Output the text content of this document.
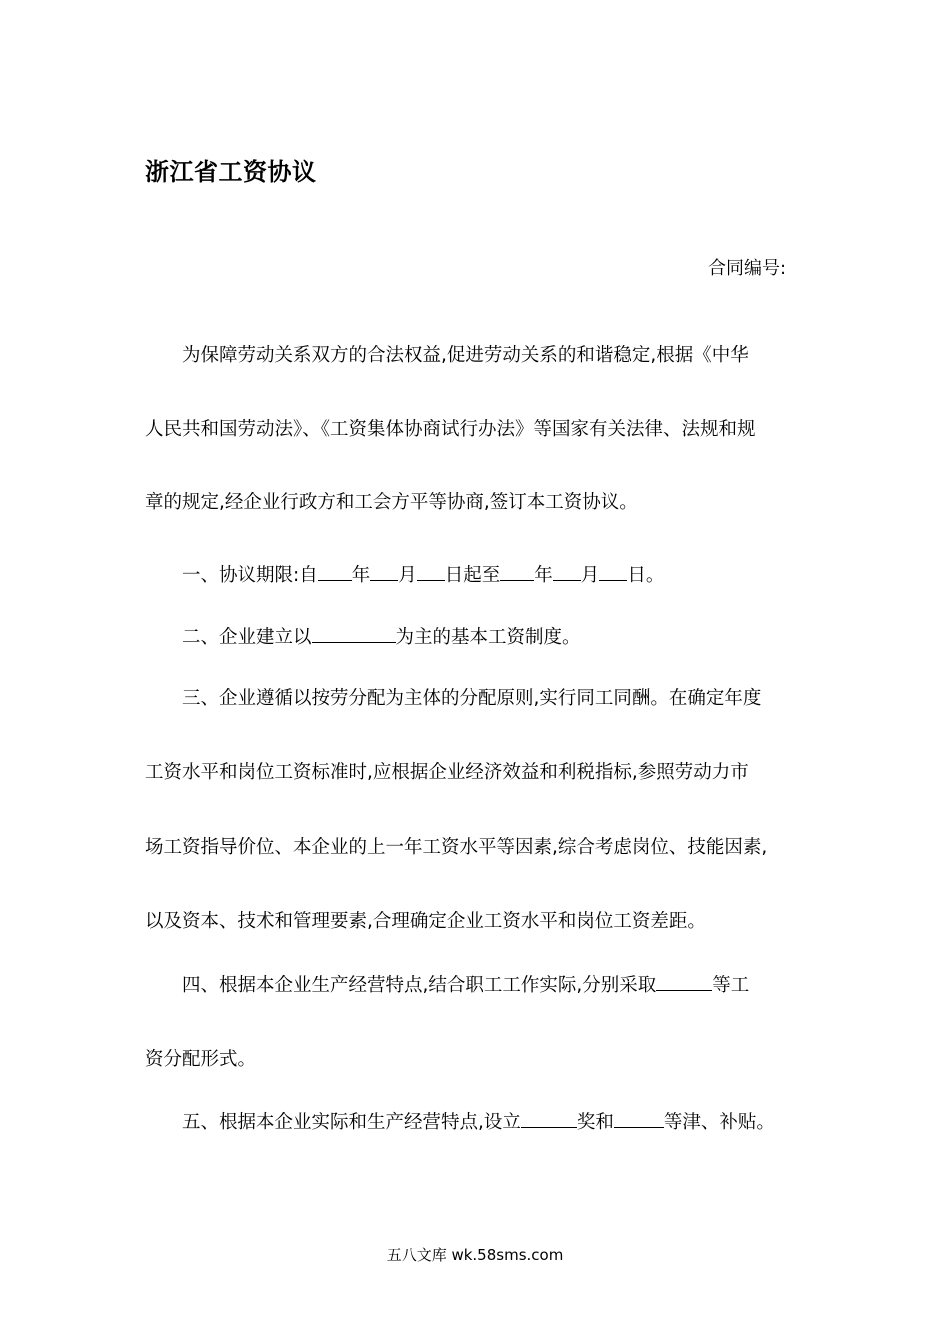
浙江省工资协议
合同编号:
为保障劳动关系双方的合法权益,促进劳动关系的和谐稳定,根据《中华
人民共和国劳动法》、《工资集体协商试行办法》等国家有关法律、法规和规
章的规定,经企业行政方和工会方平等协商,签订本工资协议。
一、协议期限:自 年 月 日起至 年 月 日。
二、企业建立以	为主的基本工资制度。
三、企业遵循以按劳分配为主体的分配原则,实行同工同酬。在确定年度
工资水平和岗位工资标准时,应根据企业经济效益和利税指标,参照劳动力市
场工资指导价位、本企业的上一年工资水平等因素,综合考虑岗位、技能因素,
以及资本、技术和管理要素,合理确定企业工资水平和岗位工资差距。
四、根据本企业生产经营特点,结合职工工作实际,分别采取	等工
资分配形式。
五、根据本企业实际和生产经营特点,设立	奖和	等津、补贴。
五八文库 wk.58sms.com
